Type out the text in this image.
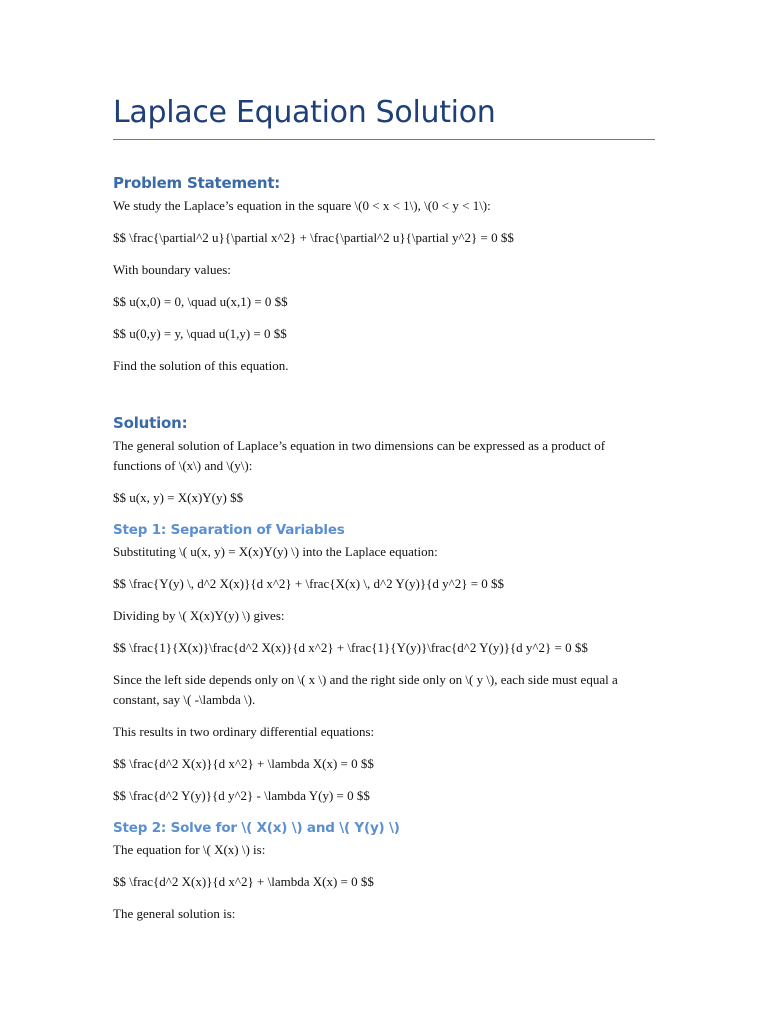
Laplace Equation Solution
Problem Statement:

We study the Laplace’s equation in the square \(0 < x < 1\), \(0 < y < 1\):

$$ \frac{\partial^2 u}{\partial x^2} + \frac{\partial^2 u}{\partial y^2} = 0 $$

With boundary values:

$$ u(x,0) = 0, \quad u(x,1) = 0 $$

$$ u(0,y) = y, \quad u(1,y) = 0 $$

Find the solution of this equation.

Solution:

The general solution of Laplace’s equation in two dimensions can be expressed as a product of functions of \(x\) and \(y\):

$$ u(x, y) = X(x)Y(y) $$

Step 1: Separation of Variables

Substituting \( u(x, y) = X(x)Y(y) \) into the Laplace equation:

$$ \frac{Y(y) \, d^2 X(x)}{d x^2} + \frac{X(x) \, d^2 Y(y)}{d y^2} = 0 $$

Dividing by \( X(x)Y(y) \) gives:

$$ \frac{1}{X(x)}\frac{d^2 X(x)}{d x^2} + \frac{1}{Y(y)}\frac{d^2 Y(y)}{d y^2} = 0 $$

Since the left side depends only on \( x \) and the right side only on \( y \), each side must equal a constant, say \( -\lambda \).

This results in two ordinary differential equations:

$$ \frac{d^2 X(x)}{d x^2} + \lambda X(x) = 0 $$

$$ \frac{d^2 Y(y)}{d y^2} - \lambda Y(y) = 0 $$

Step 2: Solve for \( X(x) \) and \( Y(y) \)

The equation for \( X(x) \) is:

$$ \frac{d^2 X(x)}{d x^2} + \lambda X(x) = 0 $$

The general solution is:
